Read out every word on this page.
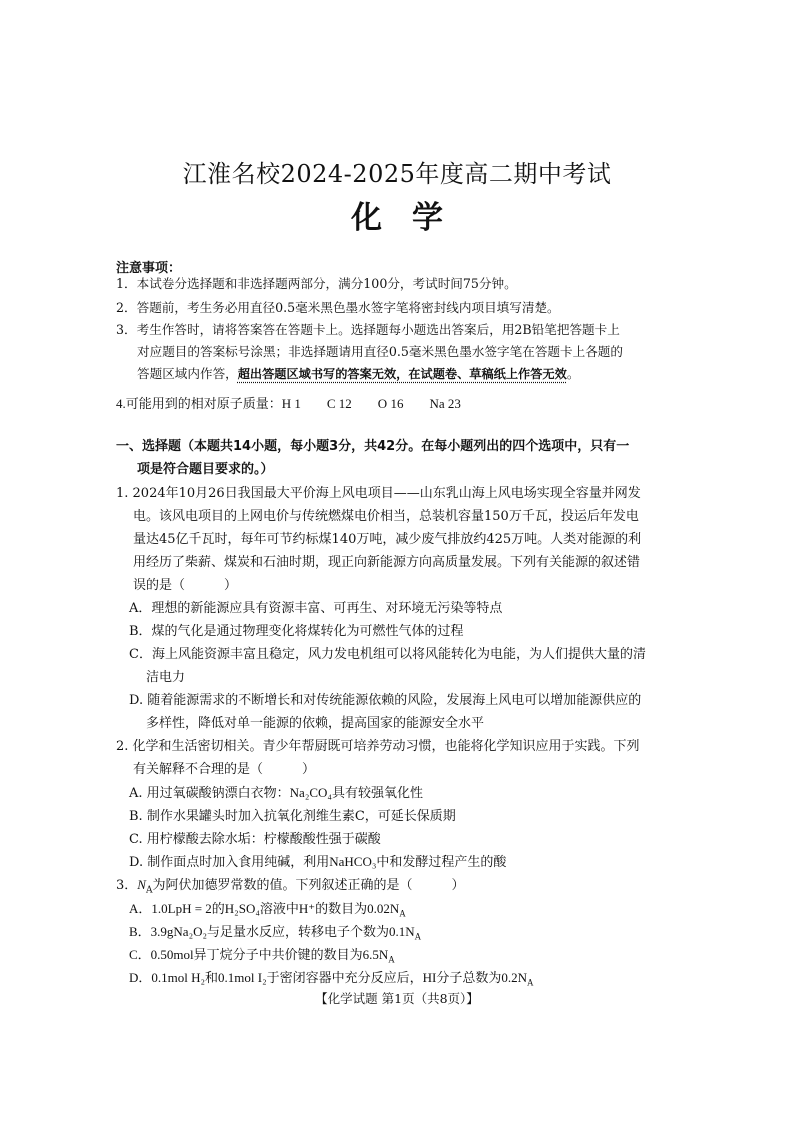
江淮名校2024-2025年度高二期中考试
化学
注意事项：
1．本试卷分选择题和非选择题两部分，满分100分，考试时间75分钟。
2．答题前，考生务必用直径0.5毫米黑色墨水签字笔将密封线内项目填写清楚。
3．考生作答时，请将答案答在答题卡上。选择题每小题选出答案后，用2B铅笔把答题卡上
对应题目的答案标号涂黑；非选择题请用直径0.5毫米黑色墨水签字笔在答题卡上各题的
答题区域内作答，超出答题区域书写的答案无效，在试题卷、草稿纸上作答无效。
4.可能用到的相对原子质量：H 1　　C 12　　O 16　　Na 23
一、选择题（本题共14小题，每小题3分，共42分。在每小题列出的四个选项中，只有一
项是符合题目要求的。）
1. 2024年10月26日我国最大平价海上风电项目——山东乳山海上风电场实现全容量并网发
电。该风电项目的上网电价与传统燃煤电价相当，总装机容量150万千瓦，投运后年发电
量达45亿千瓦时，每年可节约标煤140万吨，减少废气排放约425万吨。人类对能源的利
用经历了柴薪、煤炭和石油时期，现正向新能源方向高质量发展。下列有关能源的叙述错
误的是（　　　）
A．理想的新能源应具有资源丰富、可再生、对环境无污染等特点
B．煤的气化是通过物理变化将煤转化为可燃性气体的过程
C．海上风能资源丰富且稳定，风力发电机组可以将风能转化为电能，为人们提供大量的清
洁电力
D. 随着能源需求的不断增长和对传统能源依赖的风险，发展海上风电可以增加能源供应的
多样性，降低对单一能源的依赖，提高国家的能源安全水平
2. 化学和生活密切相关。青少年帮厨既可培养劳动习惯，也能将化学知识应用于实践。下列
有关解释不合理的是（　　　）
A. 用过氧碳酸钠漂白衣物：Na₂CO₄具有较强氧化性
B. 制作水果罐头时加入抗氧化剂维生素C，可延长保质期
C. 用柠檬酸去除水垢：柠檬酸酸性强于碳酸
D. 制作面点时加入食用纯碱，利用NaHCO₃中和发酵过程产生的酸
3．$N_A$为阿伏加德罗常数的值。下列叙述正确的是（　　　）
A．1.0LpH = 2的H₂SO₄溶液中H⁺的数目为$0.02N_A$
B．3.9gNa₂O₂与足量水反应，转移电子个数为$0.1N_A$
C．0.50mol异丁烷分子中共价键的数目为$6.5N_A$
D．0.1mol H₂和0.1mol I₂于密闭容器中充分反应后，HI分子总数为$0.2N_A$
【化学试题 第1页（共8页）】
